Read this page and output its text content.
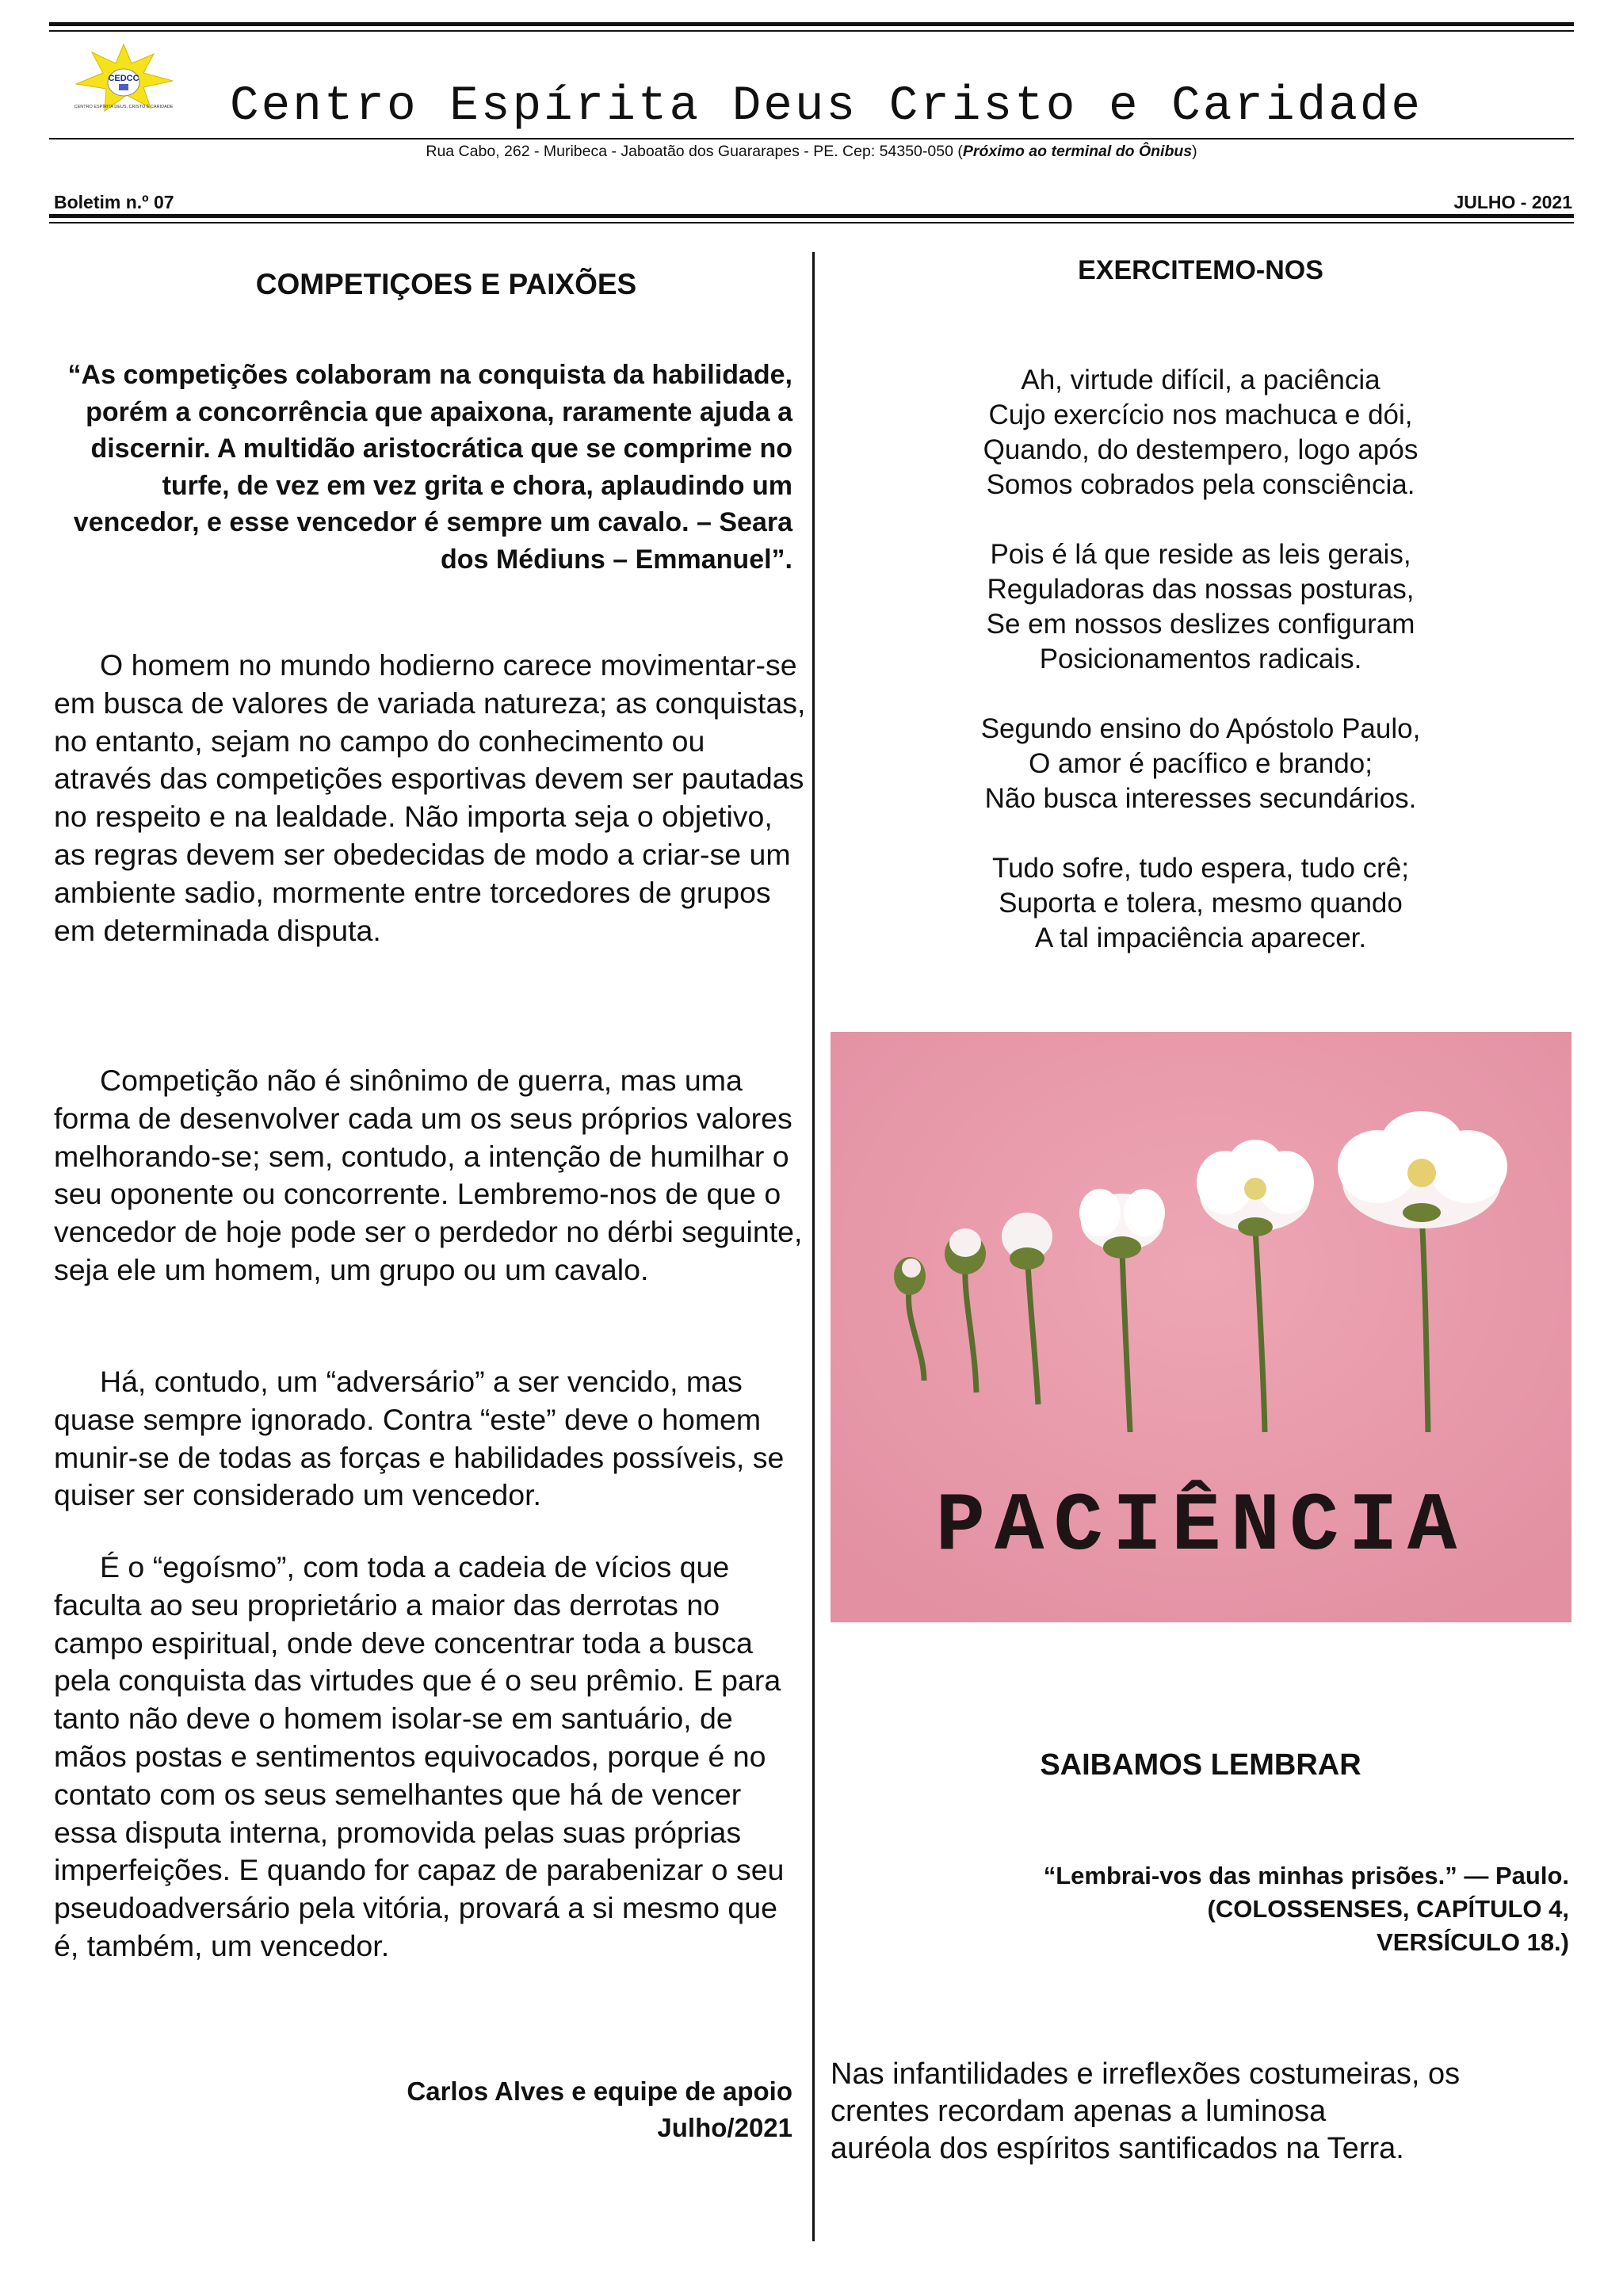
CEDCC
CENTRO ESPÍRITA DEUS, CRISTO E CARIDADE Centro Espírita Deus Cristo e Caridade
Rua Cabo, 262 - Muribeca - Jaboatão dos Guararapes - PE. Cep: 54350-050 (Próximo ao terminal do Ônibus)
Boletim n.º 07	JULHO - 2021
COMPETIÇOES E PAIXÕES
“As competições colaboram na conquista da habilidade, porém a concorrência que apaixona, raramente ajuda a discernir. A multidão aristocrática que se comprime no turfe, de vez em vez grita e chora, aplaudindo um vencedor, e esse vencedor é sempre um cavalo. – Seara dos Médiuns – Emmanuel”.

O homem no mundo hodierno carece movimentar-se em busca de valores de variada natureza; as conquistas, no entanto, sejam no campo do conhecimento ou através das competições esportivas devem ser pautadas no respeito e na lealdade. Não importa seja o objetivo, as regras devem ser obedecidas de modo a criar-se um ambiente sadio, mormente entre torcedores de grupos em determinada disputa.

Competição não é sinônimo de guerra, mas uma forma de desenvolver cada um os seus próprios valores melhorando-se; sem, contudo, a intenção de humilhar o seu oponente ou concorrente. Lembremo-nos de que o vencedor de hoje pode ser o perdedor no dérbi seguinte, seja ele um homem, um grupo ou um cavalo.

Há, contudo, um “adversário” a ser vencido, mas quase sempre ignorado. Contra “este” deve o homem munir-se de todas as forças e habilidades possíveis, se quiser ser considerado um vencedor.

É o “egoísmo”, com toda a cadeia de vícios que faculta ao seu proprietário a maior das derrotas no campo espiritual, onde deve concentrar toda a busca pela conquista das virtudes que é o seu prêmio. E para tanto não deve o homem isolar-se em santuário, de mãos postas e sentimentos equivocados, porque é no contato com os seus semelhantes que há de vencer essa disputa interna, promovida pelas suas próprias imperfeições. E quando for capaz de parabenizar o seu pseudoadversário pela vitória, provará a si mesmo que é, também, um vencedor.

Carlos Alves e equipe de apoio
Julho/2021
EXERCITEMO-NOS
Ah, virtude difícil, a paciência
Cujo exercício nos machuca e dói,
Quando, do destempero, logo após
Somos cobrados pela consciência.
Pois é lá que reside as leis gerais,
Reguladoras das nossas posturas,
Se em nossos deslizes configuram
Posicionamentos radicais.
Segundo ensino do Apóstolo Paulo,
O amor é pacífico e brando;
Não busca interesses secundários.
Tudo sofre, tudo espera, tudo crê;
Suporta e tolera, mesmo quando
A tal impaciência aparecer.
PACIÊNCIA
SAIBAMOS LEMBRAR
“Lembrai-vos das minhas prisões.” — Paulo.
(COLOSSENSES, CAPÍTULO 4,
VERSÍCULO 18.)
Nas infantilidades e irreflexões costumeiras, os
crentes recordam apenas a luminosa
auréola dos espíritos santificados na Terra.
